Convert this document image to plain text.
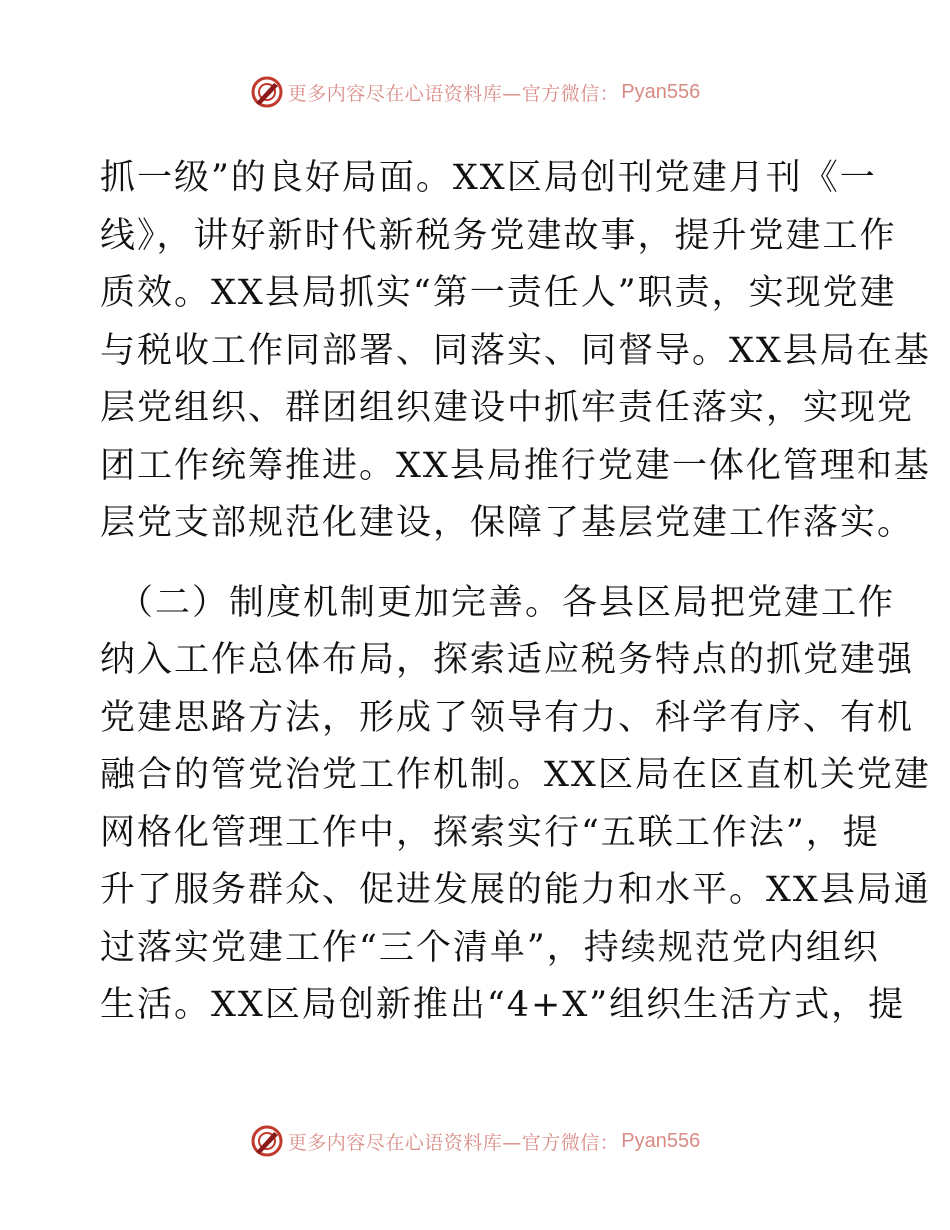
更多内容尽在心语资料库—官方微信： Pyan556
抓一级”的良好局面。XX区局创刊党建月刊《一
线》，讲好新时代新税务党建故事，提升党建工作
质效。XX县局抓实“第一责任人”职责，实现党建
与税收工作同部署、同落实、同督导。XX县局在基
层党组织、群团组织建设中抓牢责任落实，实现党
团工作统筹推进。XX县局推行党建一体化管理和基
层党支部规范化建设，保障了基层党建工作落实。
（二）制度机制更加完善。各县区局把党建工作
纳入工作总体布局，探索适应税务特点的抓党建强
党建思路方法，形成了领导有力、科学有序、有机
融合的管党治党工作机制。XX区局在区直机关党建
网格化管理工作中，探索实行“五联工作法”，提
升了服务群众、促进发展的能力和水平。XX县局通
过落实党建工作“三个清单”，持续规范党内组织
生活。XX区局创新推出“4+X”组织生活方式，提
更多内容尽在心语资料库—官方微信： Pyan556
